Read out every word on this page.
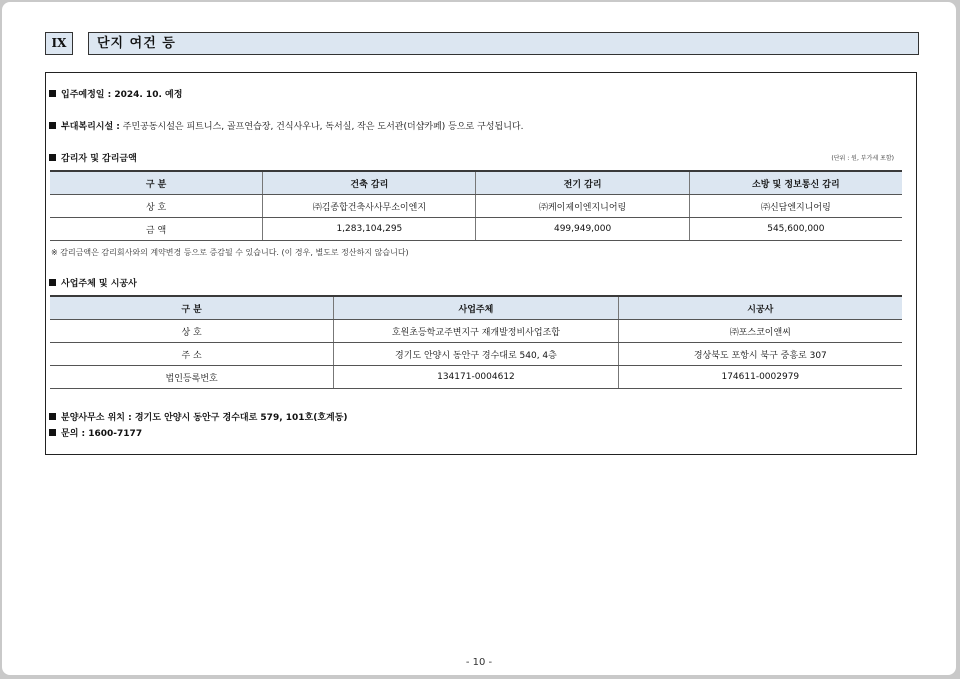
IX	단지 여건 등
입주예정일 : 2024. 10. 예정
부대복리시설 : 주민공동시설은 피트니스, 골프연습장, 건식사우나, 독서실, 작은 도서관(더샵카페) 등으로 구성됩니다.
감리자 및 감리금액	(단위 : 원, 부가세 포함)
구 분	건축 감리	전기 감리	소방 및 정보통신 감리
상 호	㈜김종합건축사사무소이엔지	㈜케이제이엔지니어링	㈜신담엔지니어링
금 액	1,283,104,295	499,949,000	545,600,000
※ 감리금액은 감리회사와의 계약변경 등으로 증감될 수 있습니다. (이 경우, 별도로 정산하지 않습니다)
사업주체 및 시공사
구 분	사업주체	시공사
상 호	호원초등학교주변지구 재개발정비사업조합	㈜포스코이앤씨
주 소	경기도 안양시 동안구 경수대로 540, 4층	경상북도 포항시 북구 중흥로 307
법인등록번호	134171-0004612	174611-0002979
분양사무소 위치 : 경기도 안양시 동안구 경수대로 579, 101호(호계동)
문의 : 1600-7177
- 10 -
